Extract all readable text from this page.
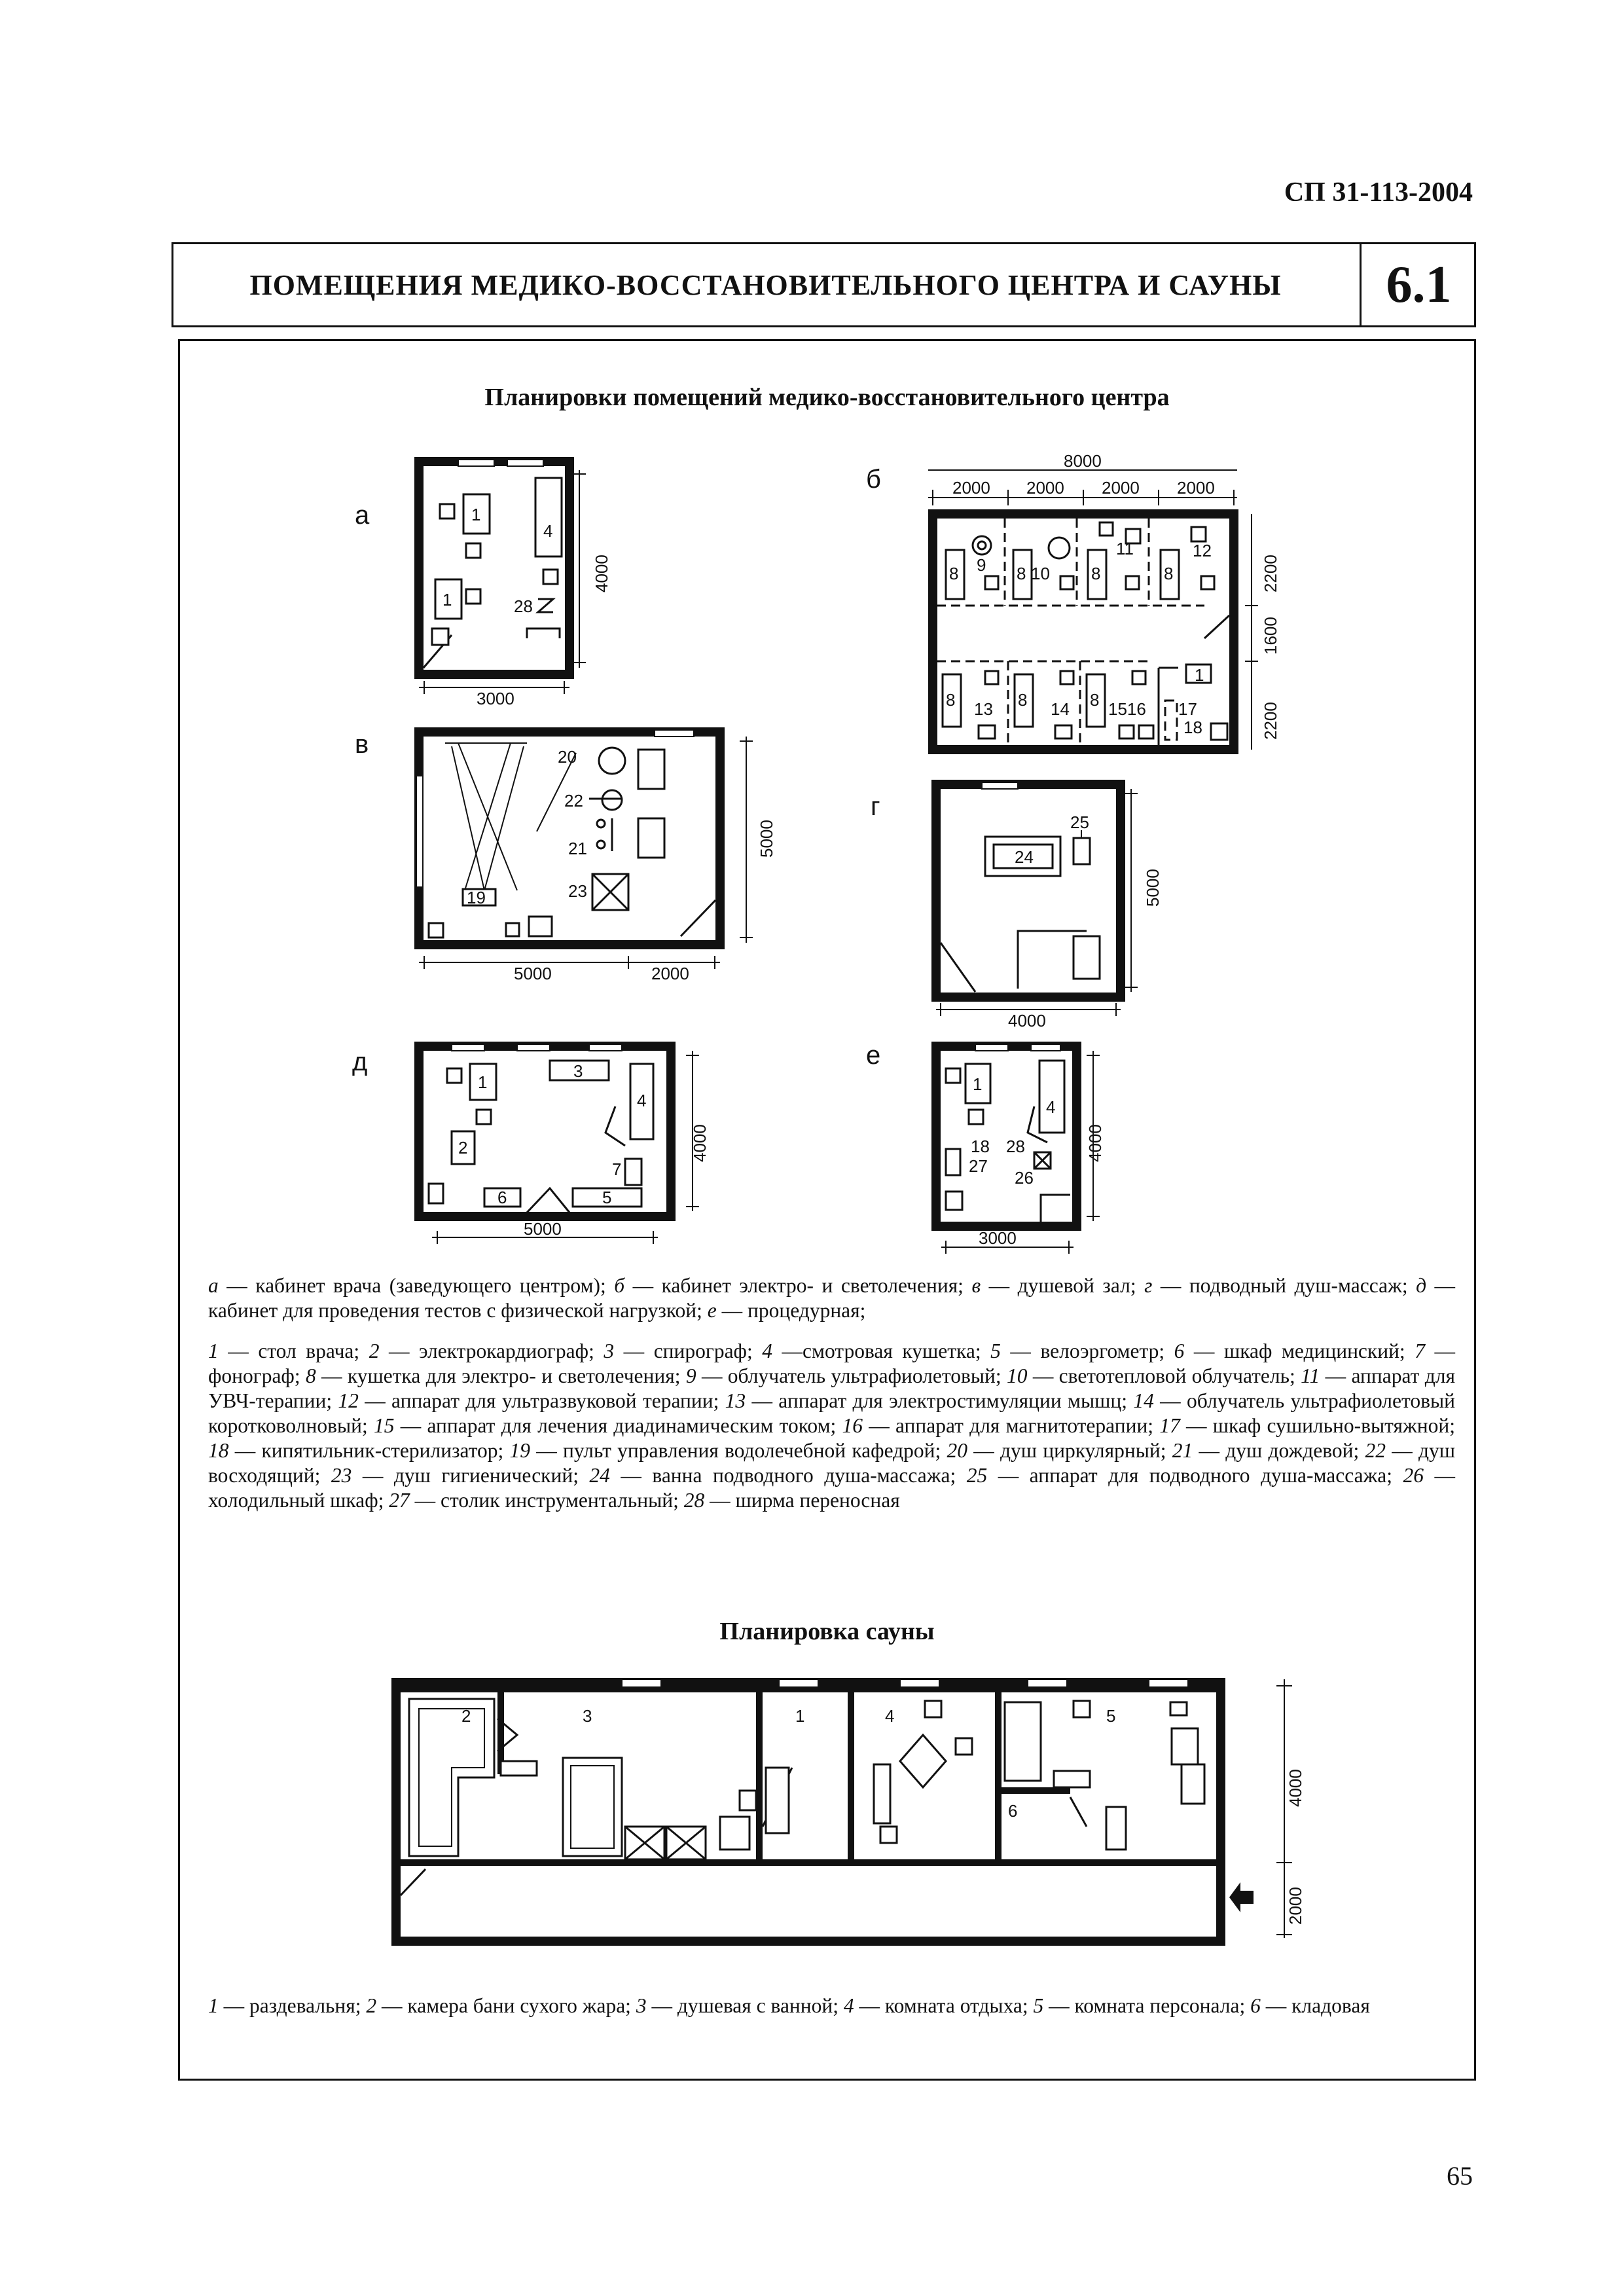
СП 31-113-2004
ПОМЕЩЕНИЯ МЕДИКО-ВОССТАНОВИТЕЛЬНОГО ЦЕНТРА И САУНЫ	6.1
Планировки помещений медико-восстановительного центра
а	1
1
4
28
3000
4000
б
8 9 8 10 8
11
8
12
8 13 8 14 8 1516
1
17
18
8000
2000 2000 2000 2000
2200
1600
2200
в
19
20
22
21
23
5000	2000
5000
г
24
25
4000
5000
д
1
3
4
2
7
6	5
5000
4000
е
1
4
18 28
27
26
3000
4000
2	3	1	4	5
6
4000
2000
а — кабинет врача (заведующего центром); б — кабинет электро- и светолечения; в — душевой зал; г — подводный душ-массаж; д —кабинет для проведения тестов с физической нагрузкой; е — процедурная;
1 — стол врача; 2 — электрокардиограф; 3 — спирограф; 4 —смотровая кушетка; 5 — велоэргометр; 6 — шкаф медицинский; 7 — фонограф; 8 — кушетка для электро- и светолечения; 9 — облучатель ультрафиолетовый; 10 — светотепловой облучатель; 11 — аппарат для УВЧ-терапии; 12 — аппарат для ультразвуковой терапии; 13 — аппарат для электростимуляции мышц; 14 — облучатель ультрафиолетовый коротковолновый; 15 — аппарат для лечения диадинамическим током; 16 — аппарат для магнитотерапии; 17 — шкаф сушильно-вытяжной; 18 — кипятильник-стерилизатор; 19 — пульт управления водолечебной кафедрой; 20 — душ циркулярный; 21 — душ дождевой; 22 — душ восходящий; 23 — душ гигиенический; 24 — ванна подводного душа-массажа; 25 — аппарат для подводного душа-массажа; 26 — холодильный шкаф; 27 — столик инструментальный; 28 — ширма переносная
Планировка сауны
1 — раздевальня; 2 — камера бани сухого жара; 3 — душевая с ванной; 4 — комната отдыха; 5 — комната персонала; 6 — кладовая
65
